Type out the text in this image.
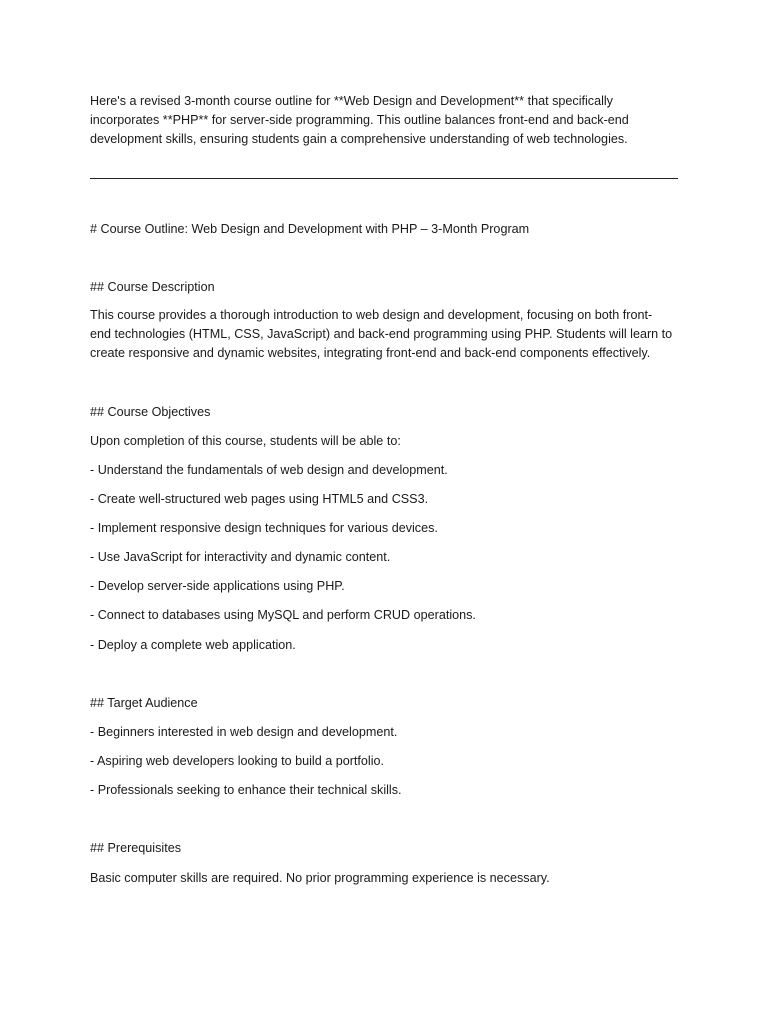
Here's a revised 3-month course outline for **Web Design and Development** that specifically
incorporates **PHP** for server-side programming. This outline balances front-end and back-end
development skills, ensuring students gain a comprehensive understanding of web technologies.
# Course Outline: Web Design and Development with PHP – 3-Month Program
## Course Description
This course provides a thorough introduction to web design and development, focusing on both front-
end technologies (HTML, CSS, JavaScript) and back-end programming using PHP. Students will learn to
create responsive and dynamic websites, integrating front-end and back-end components effectively.
## Course Objectives
Upon completion of this course, students will be able to:
- Understand the fundamentals of web design and development.
- Create well-structured web pages using HTML5 and CSS3.
- Implement responsive design techniques for various devices.
- Use JavaScript for interactivity and dynamic content.
- Develop server-side applications using PHP.
- Connect to databases using MySQL and perform CRUD operations.
- Deploy a complete web application.
## Target Audience
- Beginners interested in web design and development.
- Aspiring web developers looking to build a portfolio.
- Professionals seeking to enhance their technical skills.
## Prerequisites
Basic computer skills are required. No prior programming experience is necessary.
